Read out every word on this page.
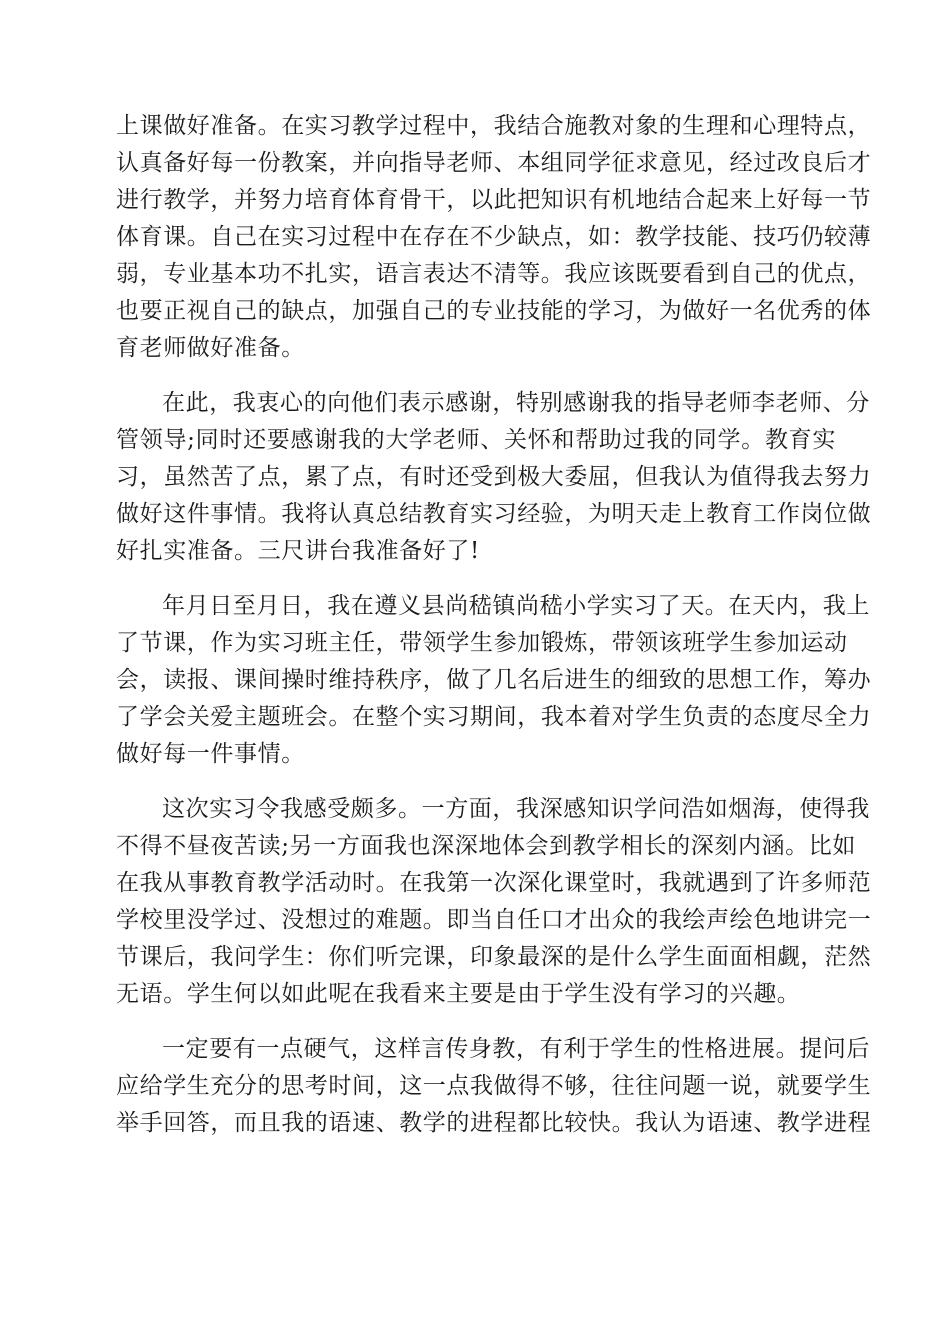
上课做好准备。在实习教学过程中，我结合施教对象的生理和心理特点，
认真备好每一份教案，并向指导老师、本组同学征求意见，经过改良后才
进行教学，并努力培育体育骨干，以此把知识有机地结合起来上好每一节
体育课。自己在实习过程中在存在不少缺点，如：教学技能、技巧仍较薄
弱，专业基本功不扎实，语言表达不清等。我应该既要看到自己的优点，
也要正视自己的缺点，加强自己的专业技能的学习，为做好一名优秀的体
育老师做好准备。

在此，我衷心的向他们表示感谢，特别感谢我的指导老师李老师、分
管领导;同时还要感谢我的大学老师、关怀和帮助过我的同学。教育实
习，虽然苦了点，累了点，有时还受到极大委屈，但我认为值得我去努力
做好这件事情。我将认真总结教育实习经验，为明天走上教育工作岗位做
好扎实准备。三尺讲台我准备好了!

年月日至月日，我在遵义县尚嵇镇尚嵇小学实习了天。在天内，我上
了节课，作为实习班主任，带领学生参加锻炼，带领该班学生参加运动
会，读报、课间操时维持秩序，做了几名后进生的细致的思想工作，筹办
了学会关爱主题班会。在整个实习期间，我本着对学生负责的态度尽全力
做好每一件事情。

这次实习令我感受颇多。一方面，我深感知识学问浩如烟海，使得我
不得不昼夜苦读;另一方面我也深深地体会到教学相长的深刻内涵。比如
在我从事教育教学活动时。在我第一次深化课堂时，我就遇到了许多师范
学校里没学过、没想过的难题。即当自任口才出众的我绘声绘色地讲完一
节课后，我问学生：你们听完课，印象最深的是什么学生面面相觑，茫然
无语。学生何以如此呢在我看来主要是由于学生没有学习的兴趣。

一定要有一点硬气，这样言传身教，有利于学生的性格进展。提问后
应给学生充分的思考时间，这一点我做得不够，往往问题一说，就要学生
举手回答，而且我的语速、教学的进程都比较快。我认为语速、教学进程
